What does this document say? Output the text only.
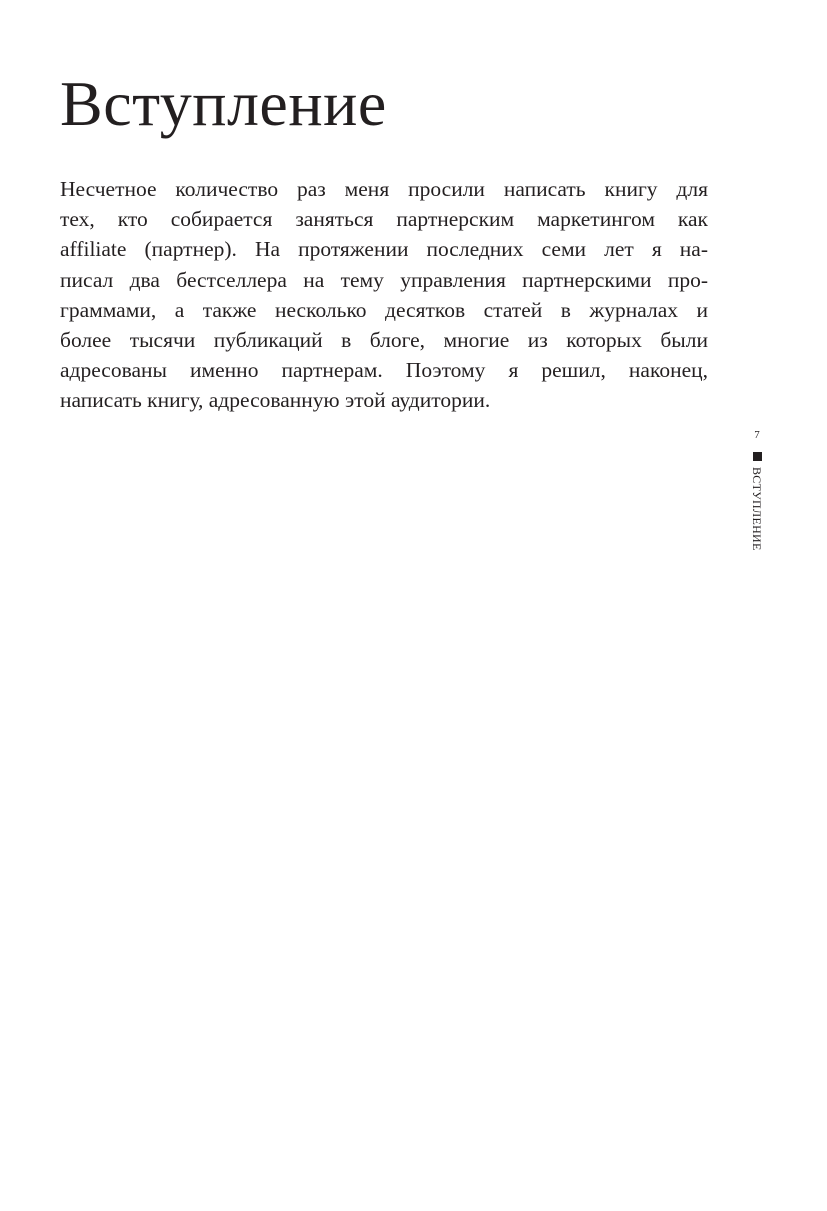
Вступление

Несчетное количество раз меня просили написать книгу для
тех, кто собирается заняться партнерским маркетингом как
affiliate (партнер). На протяжении последних семи лет я на-
писал два бестселлера на тему управления партнерскими про-
граммами, а также несколько десятков статей в журналах и
более тысячи публикаций в блоге, многие из которых были
адресованы именно партнерам. Поэтому я решил, наконец,
написать книгу, адресованную этой аудитории.

7
ВСТУПЛЕНИЕ
